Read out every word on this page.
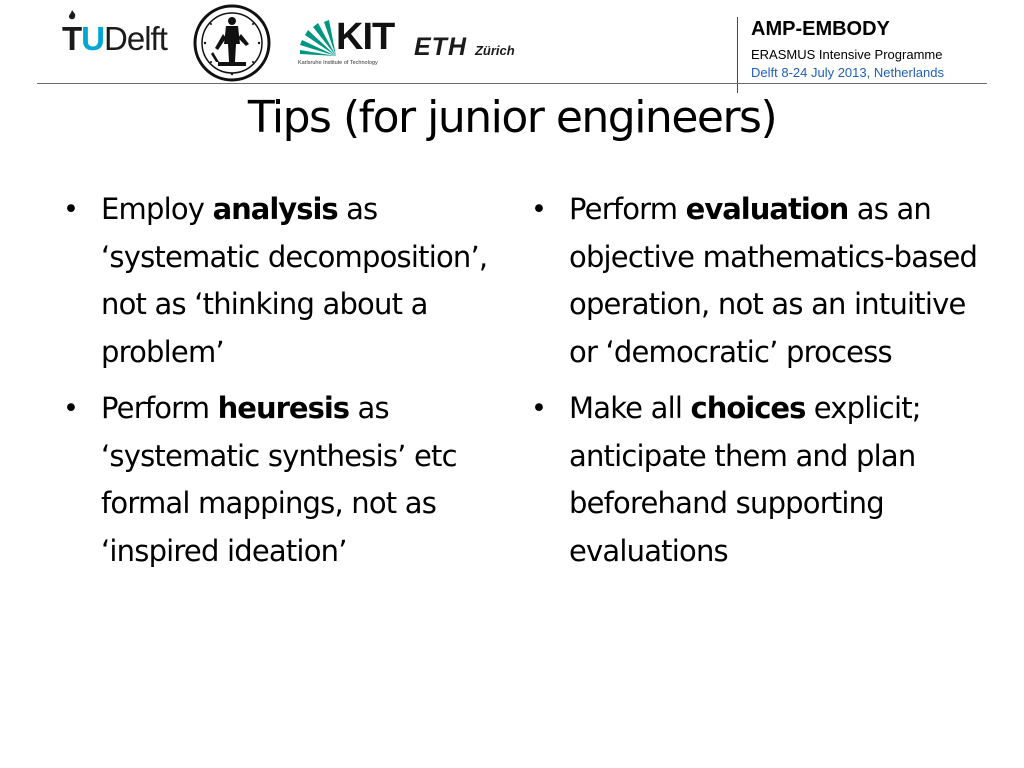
TUDelft	KIT
Karlsruhe Institute of Technology
ETH Zürich
AMP-EMBODY
ERASMUS Intensive Programme
Delft 8-24 July 2013, Netherlands
Tips (for junior engineers)
• Employ analysis as ‘systematic decomposition’, not as ‘thinking about a problem’
• Perform heuresis as ‘systematic synthesis’ etc formal mappings, not as ‘inspired ideation’
• Perform evaluation as an objective mathematics-based operation, not as an intuitive or ‘democratic’ process
• Make all choices explicit; anticipate them and plan beforehand supporting evaluations
